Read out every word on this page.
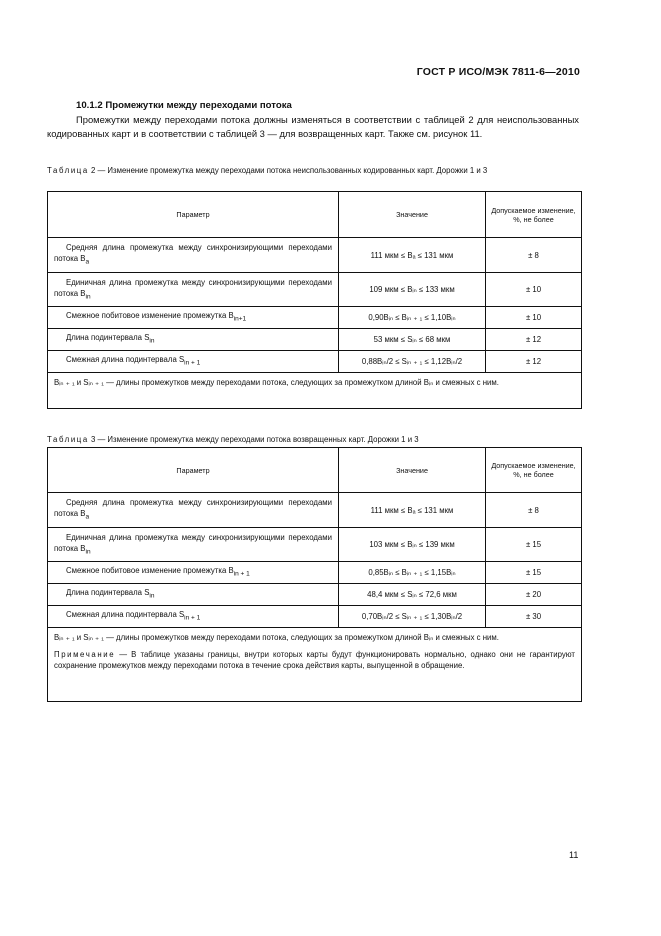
ГОСТ Р ИСО/МЭК 7811-6—2010
10.1.2 Промежутки между переходами потока
Промежутки между переходами потока должны изменяться в соответствии с таблицей 2 для неиспользованных кодированных карт и в соответствии с таблицей 3 — для возвращенных карт. Также см. рисунок 11.
Таблица 2 — Изменение промежутка между переходами потока неиспользованных кодированных карт. Дорожки 1 и 3
Параметр	Значение	Допускаемое изменение, %, не более
Средняя длина промежутка между синхронизирующими переходами потока $B_a$	111 мкм ≤ Bₐ ≤ 131 мкм	± 8
Единичная длина промежутка между синхронизирующими переходами потока $B_{in}$	109 мкм ≤ Bᵢₙ ≤ 133 мкм	± 10
Смежное побитовое изменение промежутка $B_{in+1}$	0,90Bᵢₙ ≤ Bᵢₙ ₊ ₁ ≤ 1,10Bᵢₙ	± 10
Длина подинтервала $S_{in}$	53 мкм ≤ Sᵢₙ ≤ 68 мкм	± 12
Смежная длина подинтервала $S_{in + 1}$	0,88Bᵢₙ/2 ≤ Sᵢₙ ₊ ₁ ≤ 1,12Bᵢₙ/2	± 12
Bᵢₙ ₊ ₁ и Sᵢₙ ₊ ₁ — длины промежутков между переходами потока, следующих за промежутком длиной Bᵢₙ и смежных с ним.		
Таблица 3 — Изменение промежутка между переходами потока возвращенных карт. Дорожки 1 и 3
Параметр	Значение	Допускаемое изменение, %, не более
Средняя длина промежутка между синхронизирующими переходами потока $B_a$	111 мкм ≤ Bₐ ≤ 131 мкм	± 8
Единичная длина промежутка между синхронизирующими переходами потока $B_{in}$	103 мкм ≤ Bᵢₙ ≤ 139 мкм	± 15
Смежное побитовое изменение промежутка $B_{in + 1}$	0,85Bᵢₙ ≤ Bᵢₙ ₊ ₁ ≤ 1,15Bᵢₙ	± 15
Длина подинтервала $S_{in}$	48,4 мкм ≤ Sᵢₙ ≤ 72,6 мкм	± 20
Смежная длина подинтервала $S_{in + 1}$	0,70Bᵢₙ/2 ≤ Sᵢₙ ₊ ₁ ≤ 1,30Bᵢₙ/2	± 30

Bᵢₙ ₊ ₁ и Sᵢₙ ₊ ₁ — длины промежутков между переходами потока, следующих за промежутком длиной Bᵢₙ и смежных с ним.
Примечание — В таблице указаны границы, внутри которых карты будут функционировать нормально, однако они не гарантируют сохранение промежутков между переходами потока в течение срока действия карты, выпущенной в обращение.		
11
